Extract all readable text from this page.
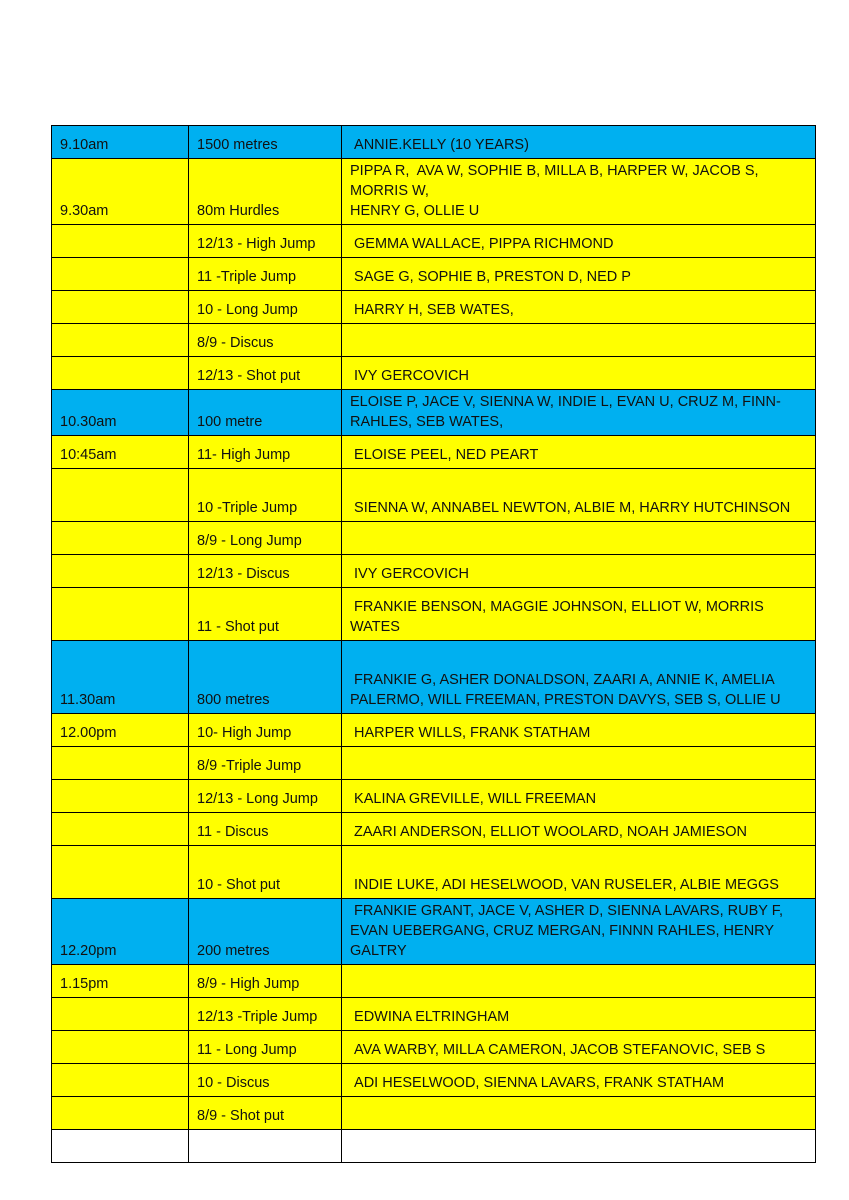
9.10am	1500 metres	ANNIE.KELLY (10 YEARS)
9.30am	80m Hurdles	PIPPA R,  AVA W, SOPHIE B, MILLA B, HARPER W, JACOB S, MORRIS W,
HENRY G, OLLIE U
	12/13 - High Jump	GEMMA WALLACE, PIPPA RICHMOND
	11 -Triple Jump	SAGE G, SOPHIE B, PRESTON D, NED P
	10 - Long Jump	HARRY H, SEB WATES,
	8/9 - Discus	
	12/13 - Shot put	IVY GERCOVICH
10.30am	100 metre	ELOISE P, JACE V, SIENNA W, INDIE L, EVAN U, CRUZ M, FINN-RAHLES, SEB WATES,
10:45am	11- High Jump	ELOISE PEEL, NED PEART
	10 -Triple Jump	SIENNA W, ANNABEL NEWTON, ALBIE M, HARRY HUTCHINSON
	8/9 - Long Jump	
	12/13 - Discus	IVY GERCOVICH
	11 - Shot put	FRANKIE BENSON, MAGGIE JOHNSON, ELLIOT W, MORRIS WATES
11.30am	800 metres	FRANKIE G, ASHER DONALDSON, ZAARI A, ANNIE K, AMELIA PALERMO, WILL FREEMAN, PRESTON DAVYS, SEB S, OLLIE U
12.00pm	10- High Jump	HARPER WILLS, FRANK STATHAM
	8/9 -Triple Jump	
	12/13 - Long Jump	KALINA GREVILLE, WILL FREEMAN
	11 - Discus	ZAARI ANDERSON, ELLIOT WOOLARD, NOAH JAMIESON
	10 - Shot put	INDIE LUKE, ADI HESELWOOD, VAN RUSELER, ALBIE MEGGS
12.20pm	200 metres	FRANKIE GRANT, JACE V, ASHER D, SIENNA LAVARS, RUBY F, EVAN UEBERGANG, CRUZ MERGAN, FINNN RAHLES, HENRY GALTRY
1.15pm	8/9 - High Jump	
	12/13 -Triple Jump	EDWINA ELTRINGHAM
	11 - Long Jump	AVA WARBY, MILLA CAMERON, JACOB STEFANOVIC, SEB S
	10 - Discus	ADI HESELWOOD, SIENNA LAVARS, FRANK STATHAM
	8/9 - Shot put	
